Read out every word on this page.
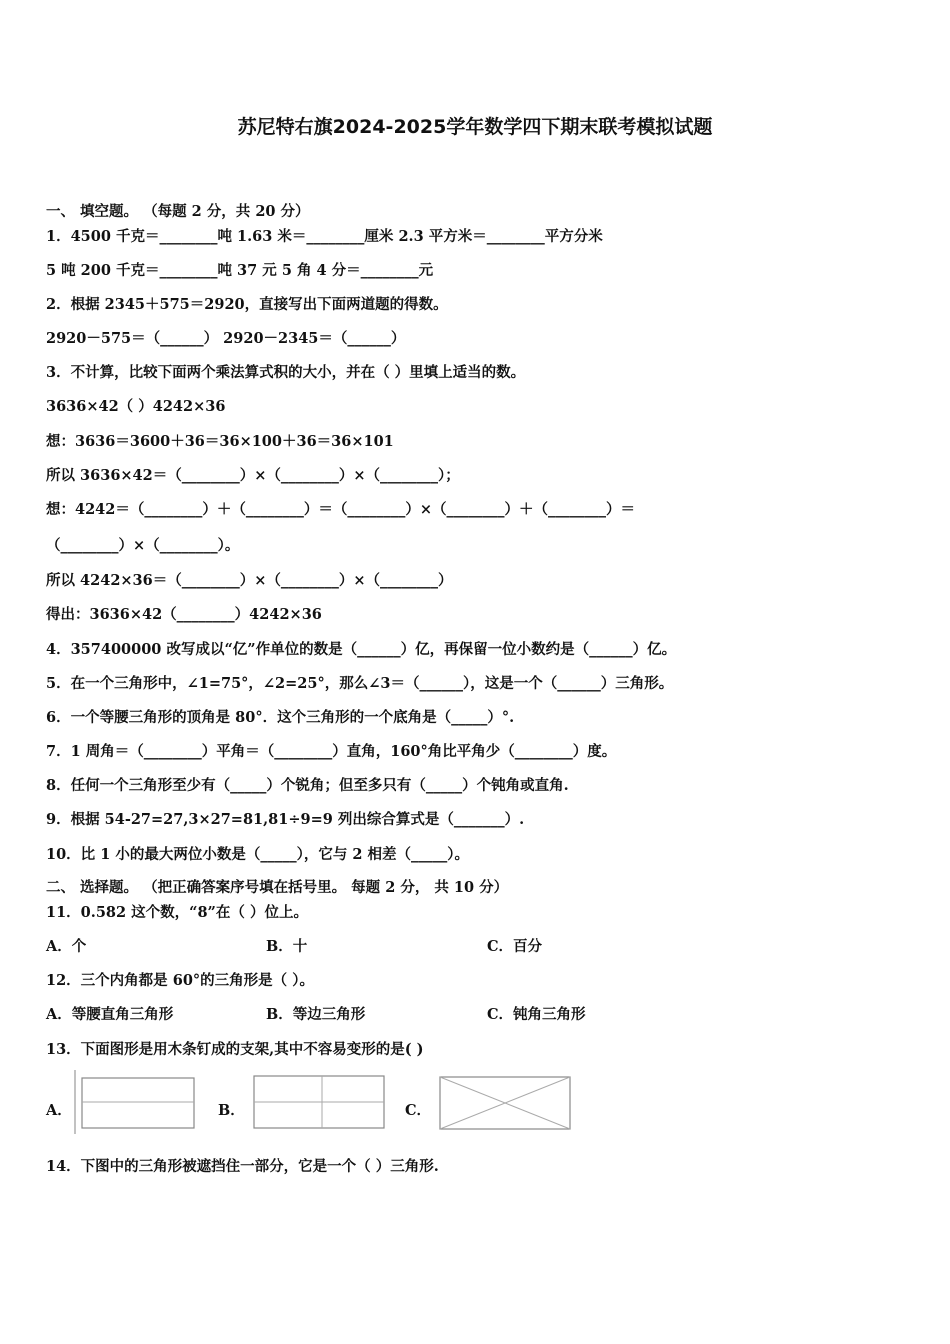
苏尼特右旗2024-2025学年数学四下期末联考模拟试题
一、 填空题。 （每题 2 分，共 20 分）
1．4500 千克＝________吨 1.63 米＝________厘米 2.3 平方米＝________平方分米
5 吨 200 千克＝________吨 37 元 5 角 4 分＝________元
2．根据 2345＋575＝2920，直接写出下面两道题的得数。
2920－575＝（______） 2920－2345＝（______）
3．不计算，比较下面两个乘法算式积的大小，并在（ ）里填上适当的数。
3636×42（ ）4242×36
想：3636＝3600＋36＝36×100＋36＝36×101
所以 3636×42＝（________）×（________）×（________）；
想：4242＝（________）＋（________）＝（________）×（________）＋（________）＝
（________）×（________）。
所以 4242×36＝（________）×（________）×（________）
得出：3636×42（________）4242×36
4．357400000 改写成以“亿”作单位的数是（______）亿，再保留一位小数约是（______）亿。
5．在一个三角形中，∠1=75°，∠2=25°，那么∠3＝（______），这是一个（______）三角形。
6．一个等腰三角形的顶角是 80°．这个三角形的一个底角是（_____）°.
7．1 周角＝（________）平角＝（________）直角，160°角比平角少（________）度。
8．任何一个三角形至少有（_____）个锐角；但至多只有（_____）个钝角或直角.
9．根据 54-27=27,3×27=81,81÷9=9 列出综合算式是（_______）.
10．比 1 小的最大两位小数是（_____），它与 2 相差（_____）。
二、 选择题。 （把正确答案序号填在括号里。 每题 2 分， 共 10 分）
11．0.582 这个数，“8”在（ ）位上。
A．个	B．十	C．百分
12．三个内角都是 60°的三角形是（ ）。
A．等腰直角三角形	B．等边三角形	C．钝角三角形
13．下面图形是用木条钉成的支架,其中不容易变形的是( )
A．	B．	C．
14．下图中的三角形被遮挡住一部分，它是一个（ ）三角形.
